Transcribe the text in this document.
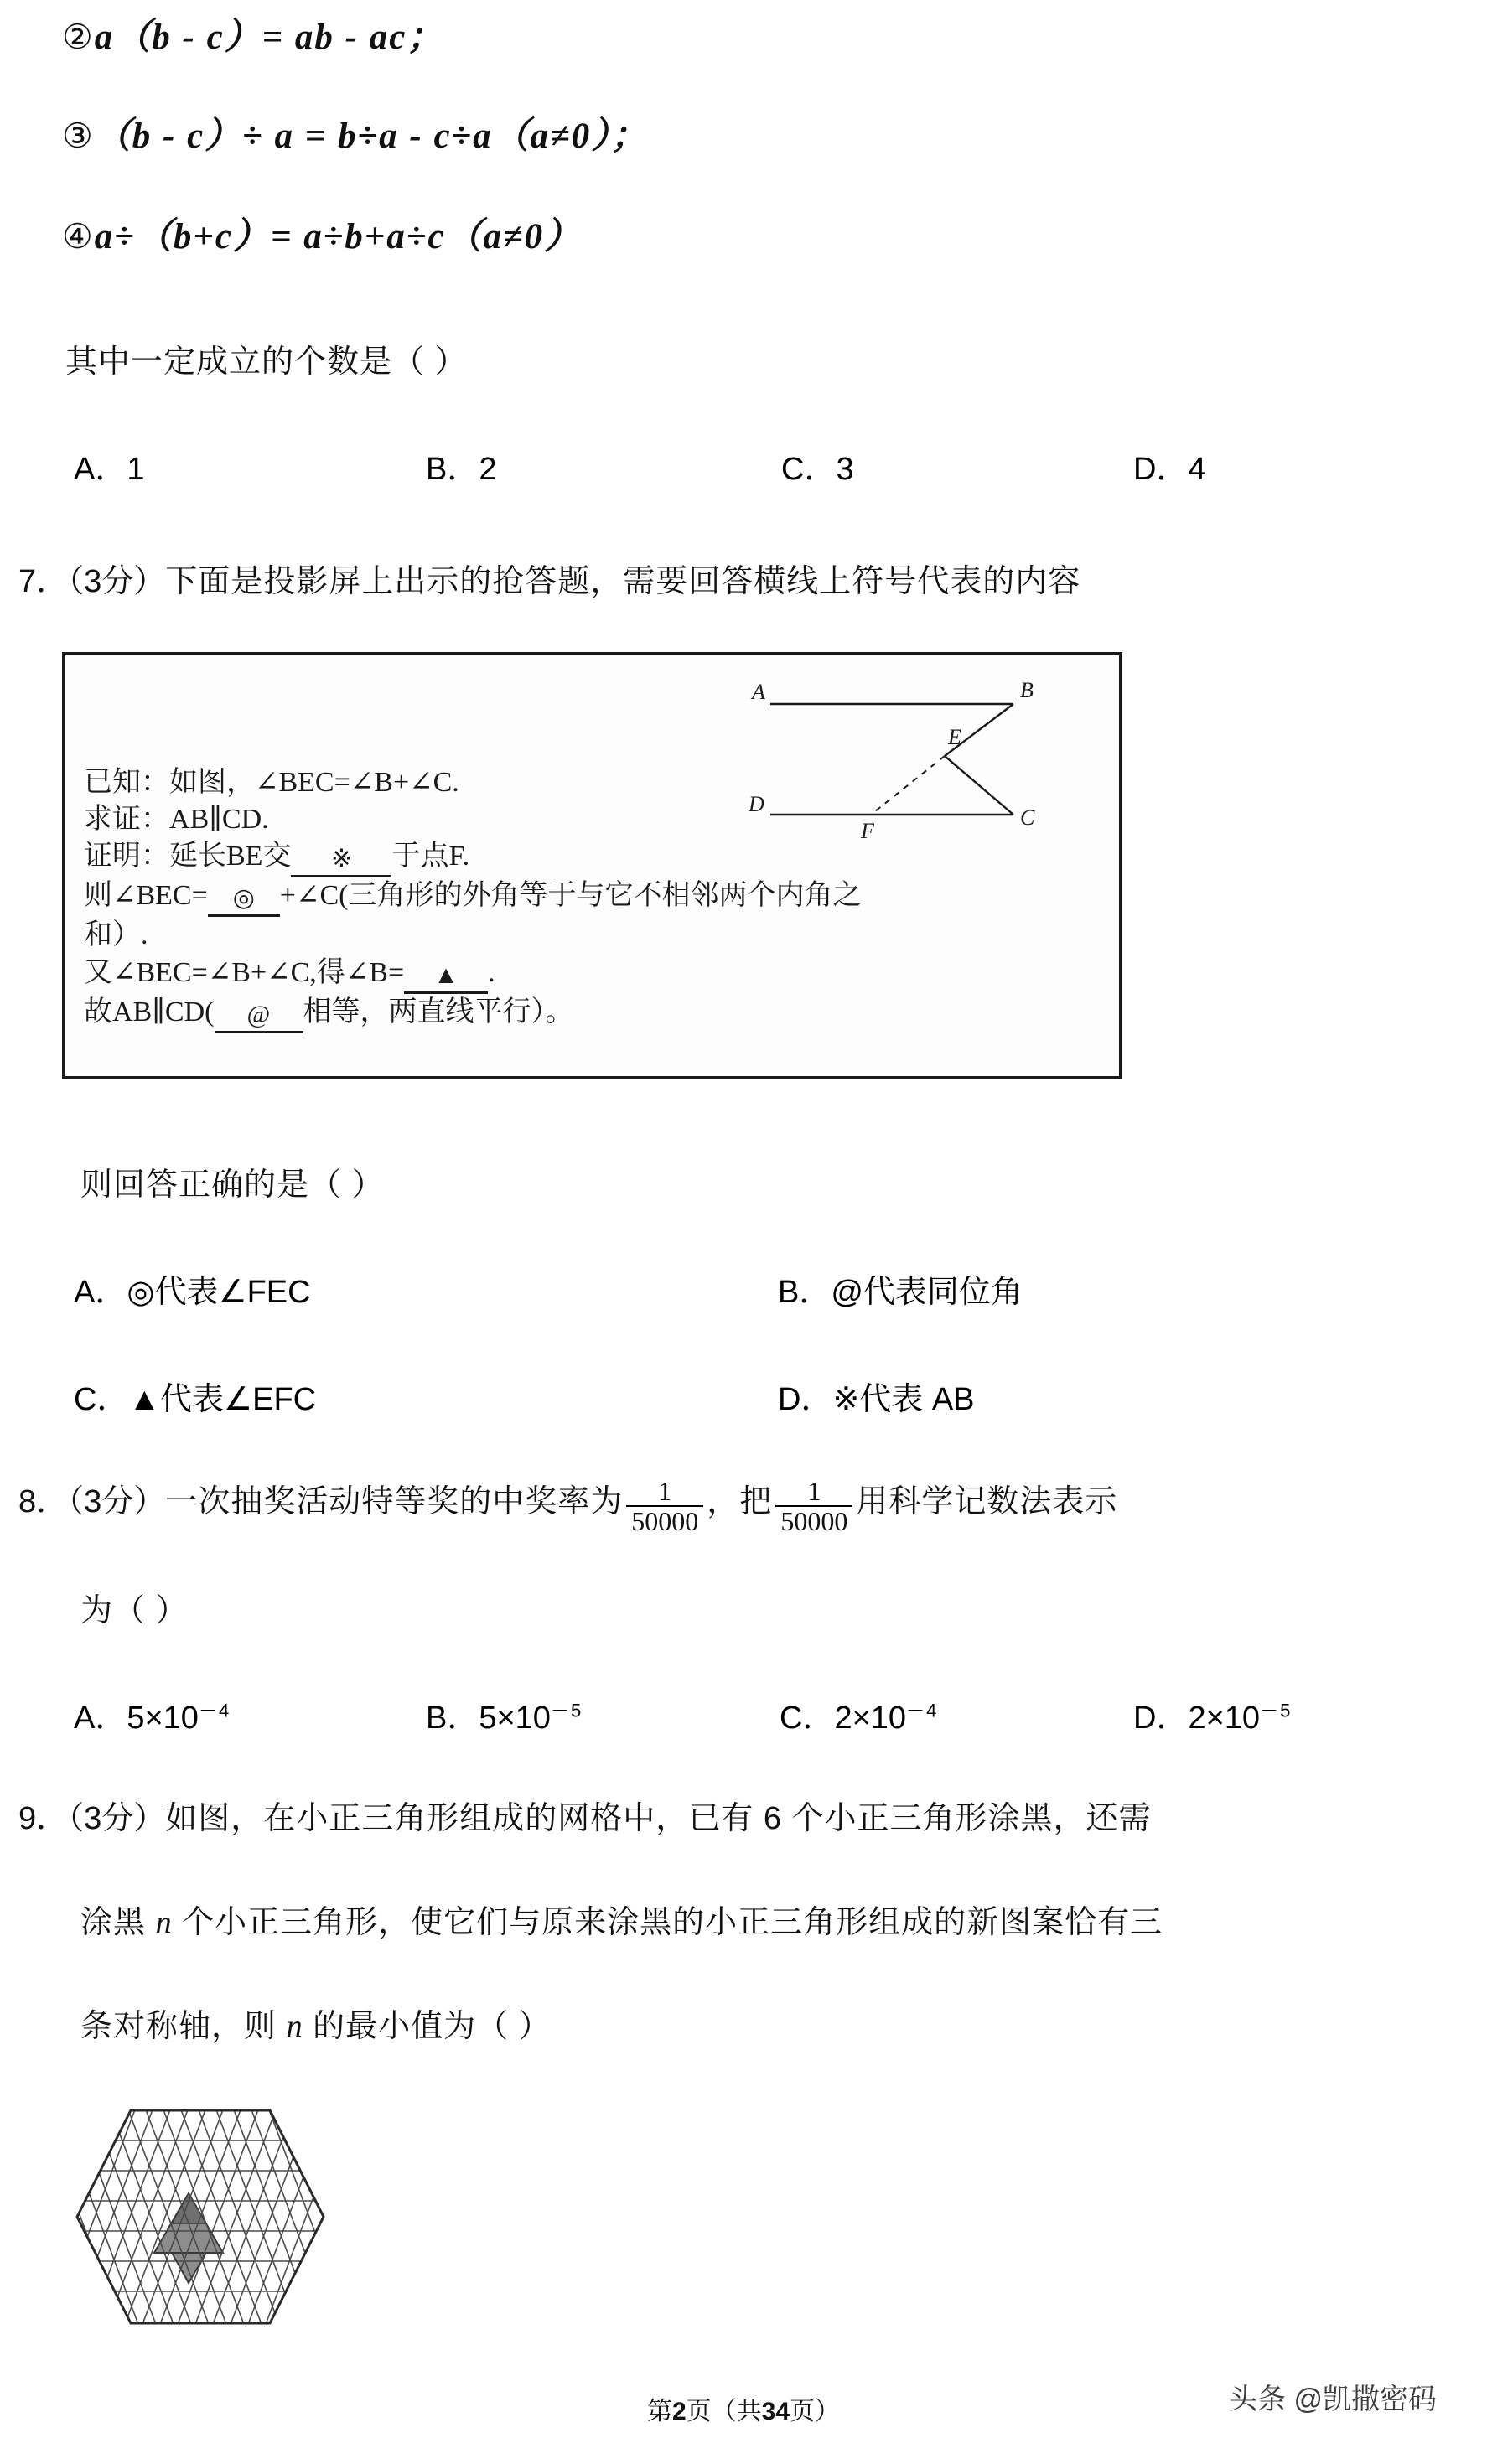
②a（b - c）= ab - ac；
③（b - c）÷ a = b÷a - c÷a（a≠0）；
④a÷（b+c）= a÷b+a÷c（a≠0）
其中一定成立的个数是（ ）
A．1	B．2	C．3	D．4
7．（3分）下面是投影屏上出示的抢答题，需要回答横线上符号代表的内容
A	B
E
D
F
C
已知：如图，∠BEC=∠B+∠C.
求证：AB∥CD.
证明：延长BE交 ※ 于点F.
则∠BEC= ◎ +∠C(三角形的外角等于与它不相邻两个内角之
和）.
又∠BEC=∠B+∠C,得∠B= ▲ .
故AB∥CD( @ 相等，两直线平行）。
则回答正确的是（ ）
A．◎代表∠FEC	B．@代表同位角
C．▲代表∠EFC	D．※代表 AB
8．（3分）一次抽奖活动特等奖的中奖率为 $\frac{1}{50000}$ ，把 $\frac{1}{50000}$ 用科学记数法表示
为（ ）
A．$5\times 10^{-4}$	B．$5\times 10^{-5}$	C．$2\times 10^{-4}$	D．$2\times 10^{-5}$
9．（3分）如图，在小正三角形组成的网格中，已有 6 个小正三角形涂黑，还需
涂黑 n 个小正三角形，使它们与原来涂黑的小正三角形组成的新图案恰有三
条对称轴，则 n 的最小值为（ ）
第2页（共34页）	头条 @凯撒密码
